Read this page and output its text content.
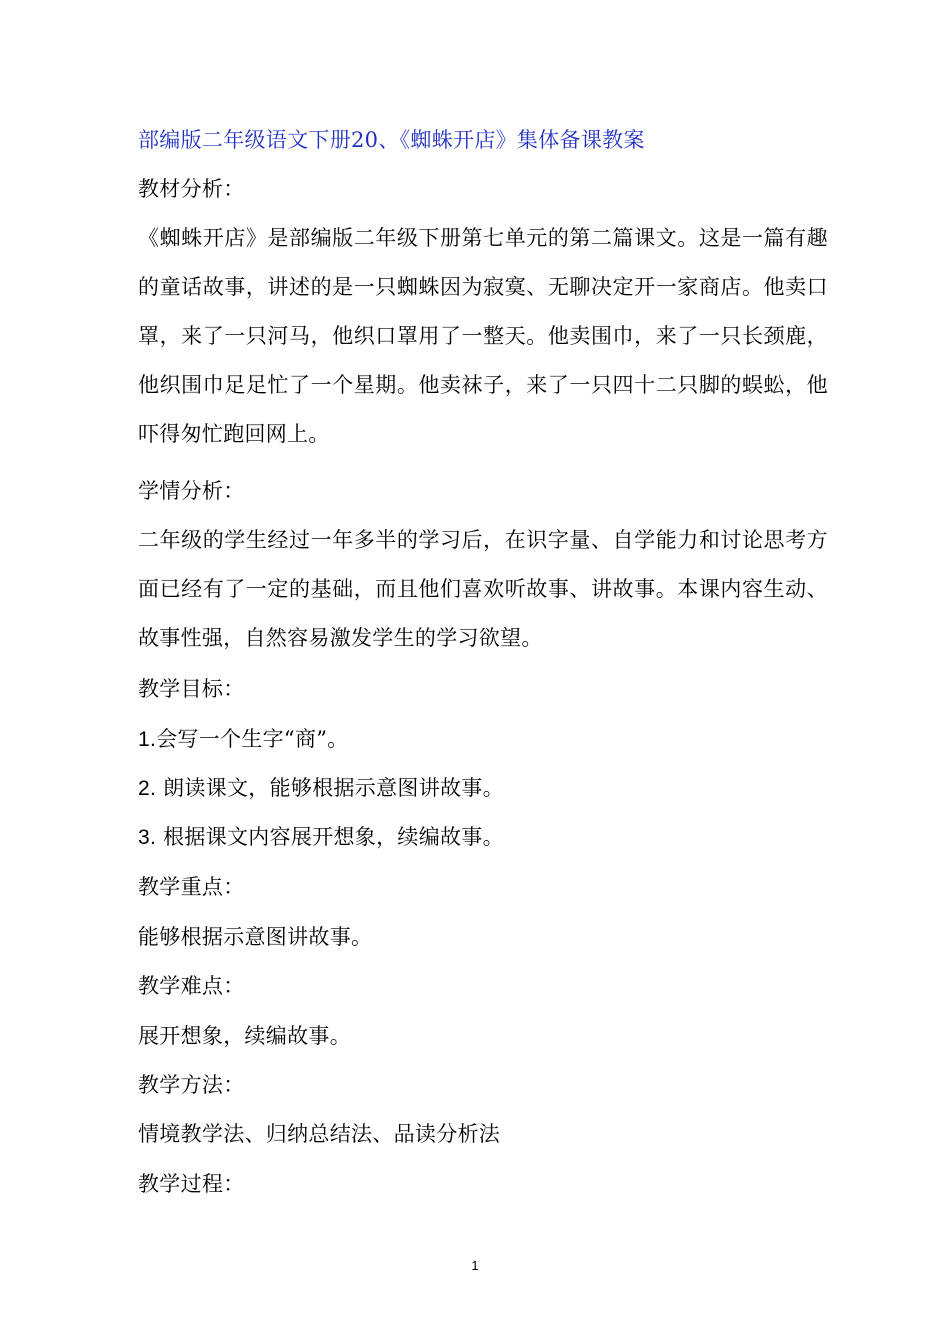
部编版二年级语文下册20、《蜘蛛开店》集体备课教案
教材分析：
《蜘蛛开店》是部编版二年级下册第七单元的第二篇课文。这是一篇有趣的童话故事，讲述的是一只蜘蛛因为寂寞、无聊决定开一家商店。他卖口罩，来了一只河马，他织口罩用了一整天。他卖围巾，来了一只长颈鹿，他织围巾足足忙了一个星期。他卖袜子，来了一只四十二只脚的蜈蚣，他吓得匆忙跑回网上。
学情分析：
二年级的学生经过一年多半的学习后，在识字量、自学能力和讨论思考方面已经有了一定的基础，而且他们喜欢听故事、讲故事。本课内容生动、故事性强，自然容易激发学生的学习欲望。
教学目标：
1.会写一个生字“商”。
2. 朗读课文，能够根据示意图讲故事。
3. 根据课文内容展开想象，续编故事。
教学重点：
能够根据示意图讲故事。
教学难点：
展开想象，续编故事。
教学方法：
情境教学法、归纳总结法、品读分析法
教学过程：
1
